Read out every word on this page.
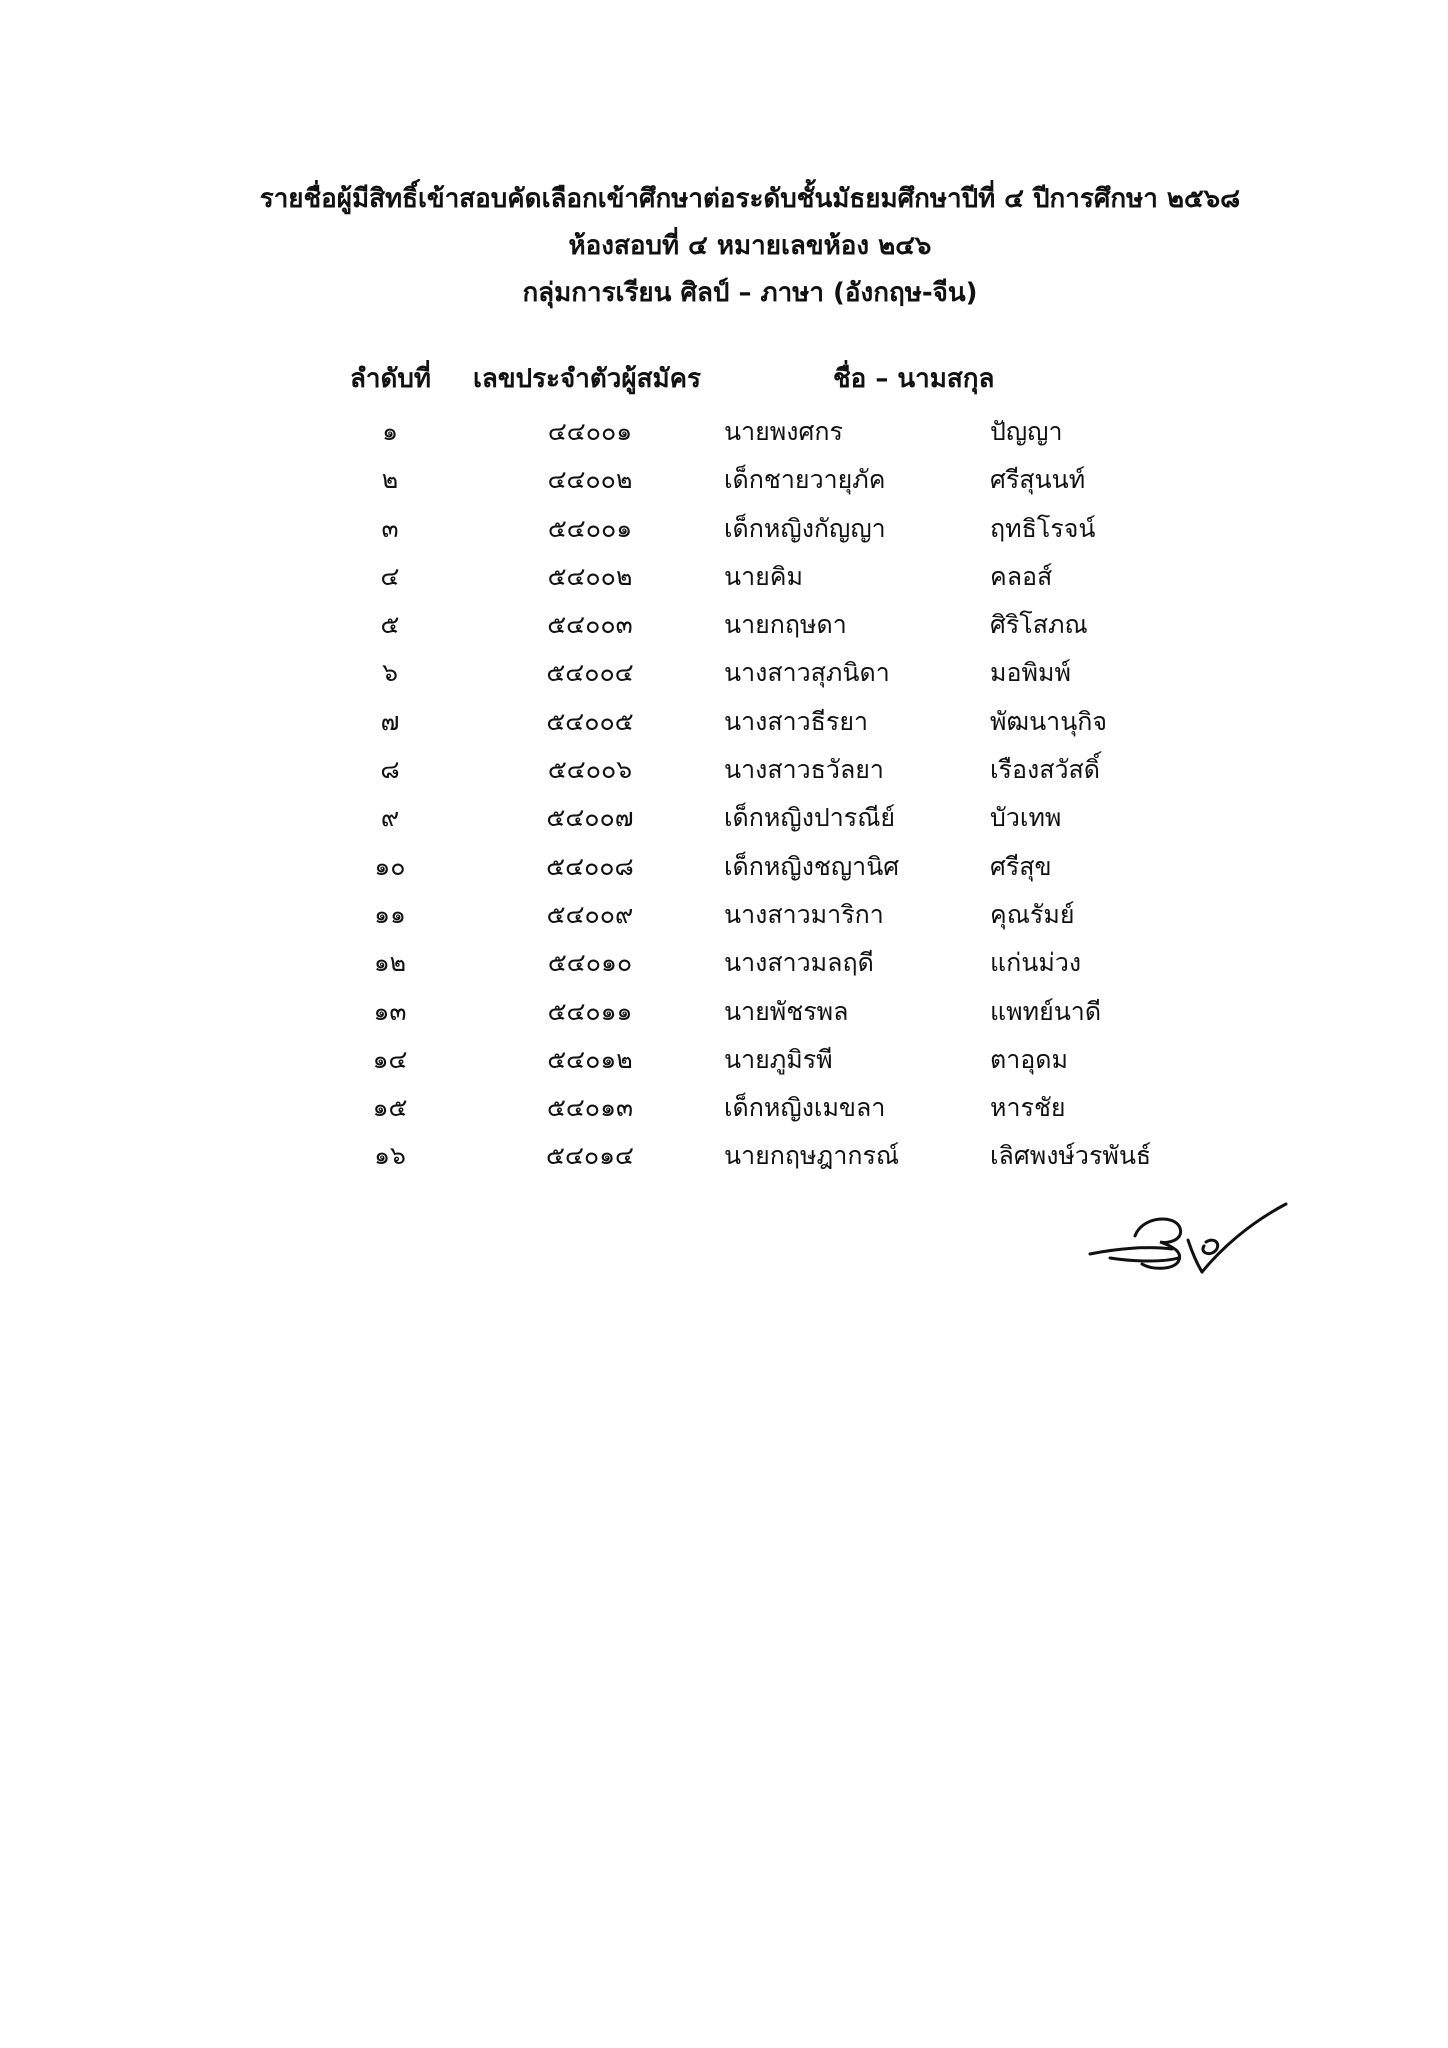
รายชื่อผู้มีสิทธิ์เข้าสอบคัดเลือกเข้าศึกษาต่อระดับชั้นมัธยมศึกษาปีที่ ๔ ปีการศึกษา ๒๕๖๘
ห้องสอบที่ ๔ หมายเลขห้อง ๒๔๖
กลุ่มการเรียน ศิลป์ – ภาษา (อังกฤษ-จีน)
ลำดับที่ เลขประจำตัวผู้สมัคร	ชื่อ – นามสกุล
๑	๔๔๐๐๑	นายพงศกร	ปัญญา
๒	๔๔๐๐๒	เด็กชายวายุภัค	ศรีสุนนท์
๓	๕๔๐๐๑	เด็กหญิงกัญญา	ฤทธิโรจน์
๔	๕๔๐๐๒	นายคิม	คลอส์
๕	๕๔๐๐๓	นายกฤษดา	ศิริโสภณ
๖	๕๔๐๐๔	นางสาวสุภนิดา	มอพิมพ์
๗	๕๔๐๐๕	นางสาวธีรยา	พัฒนานุกิจ
๘	๕๔๐๐๖	นางสาวธวัลยา	เรืองสวัสดิ์
๙	๕๔๐๐๗	เด็กหญิงปารณีย์	บัวเทพ
๑๐	๕๔๐๐๘	เด็กหญิงชญานิศ	ศรีสุข
๑๑	๕๔๐๐๙	นางสาวมาริกา	คุณรัมย์
๑๒	๕๔๐๑๐	นางสาวมลฤดี	แก่นม่วง
๑๓	๕๔๐๑๑	นายพัชรพล	แพทย์นาดี
๑๔	๕๔๐๑๒	นายภูมิรพี	ตาอุดม
๑๕	๕๔๐๑๓	เด็กหญิงเมขลา	หารชัย
๑๖	๕๔๐๑๔	นายกฤษฎากรณ์	เลิศพงษ์วรพันธ์
